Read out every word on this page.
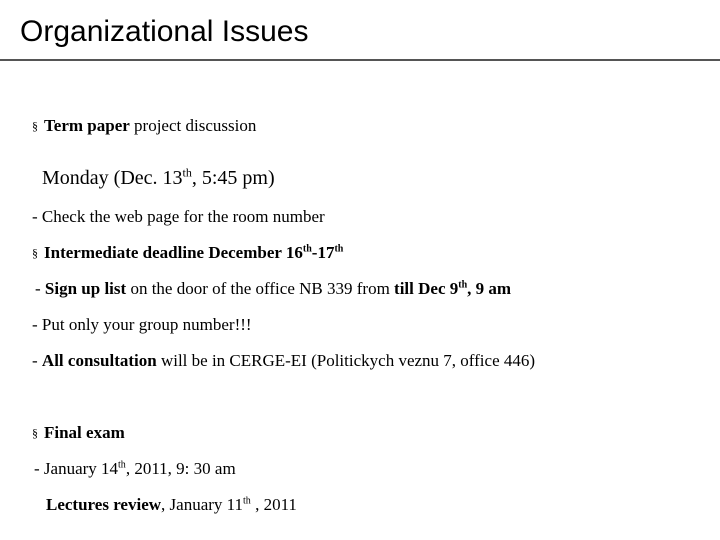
Organizational Issues
§ Term paper project discussion
Monday (Dec. 13th, 5:45 pm)
- Check the web page for the room number
§ Intermediate deadline December 16th-17th
- Sign up list on the door of the office NB 339 from till Dec 9th, 9 am
- Put only your group number!!!
- All consultation will be in CERGE-EI (Politickych veznu 7, office 446)
§ Final exam
- January 14th, 2011, 9: 30 am
Lectures review, January 11th , 2011
